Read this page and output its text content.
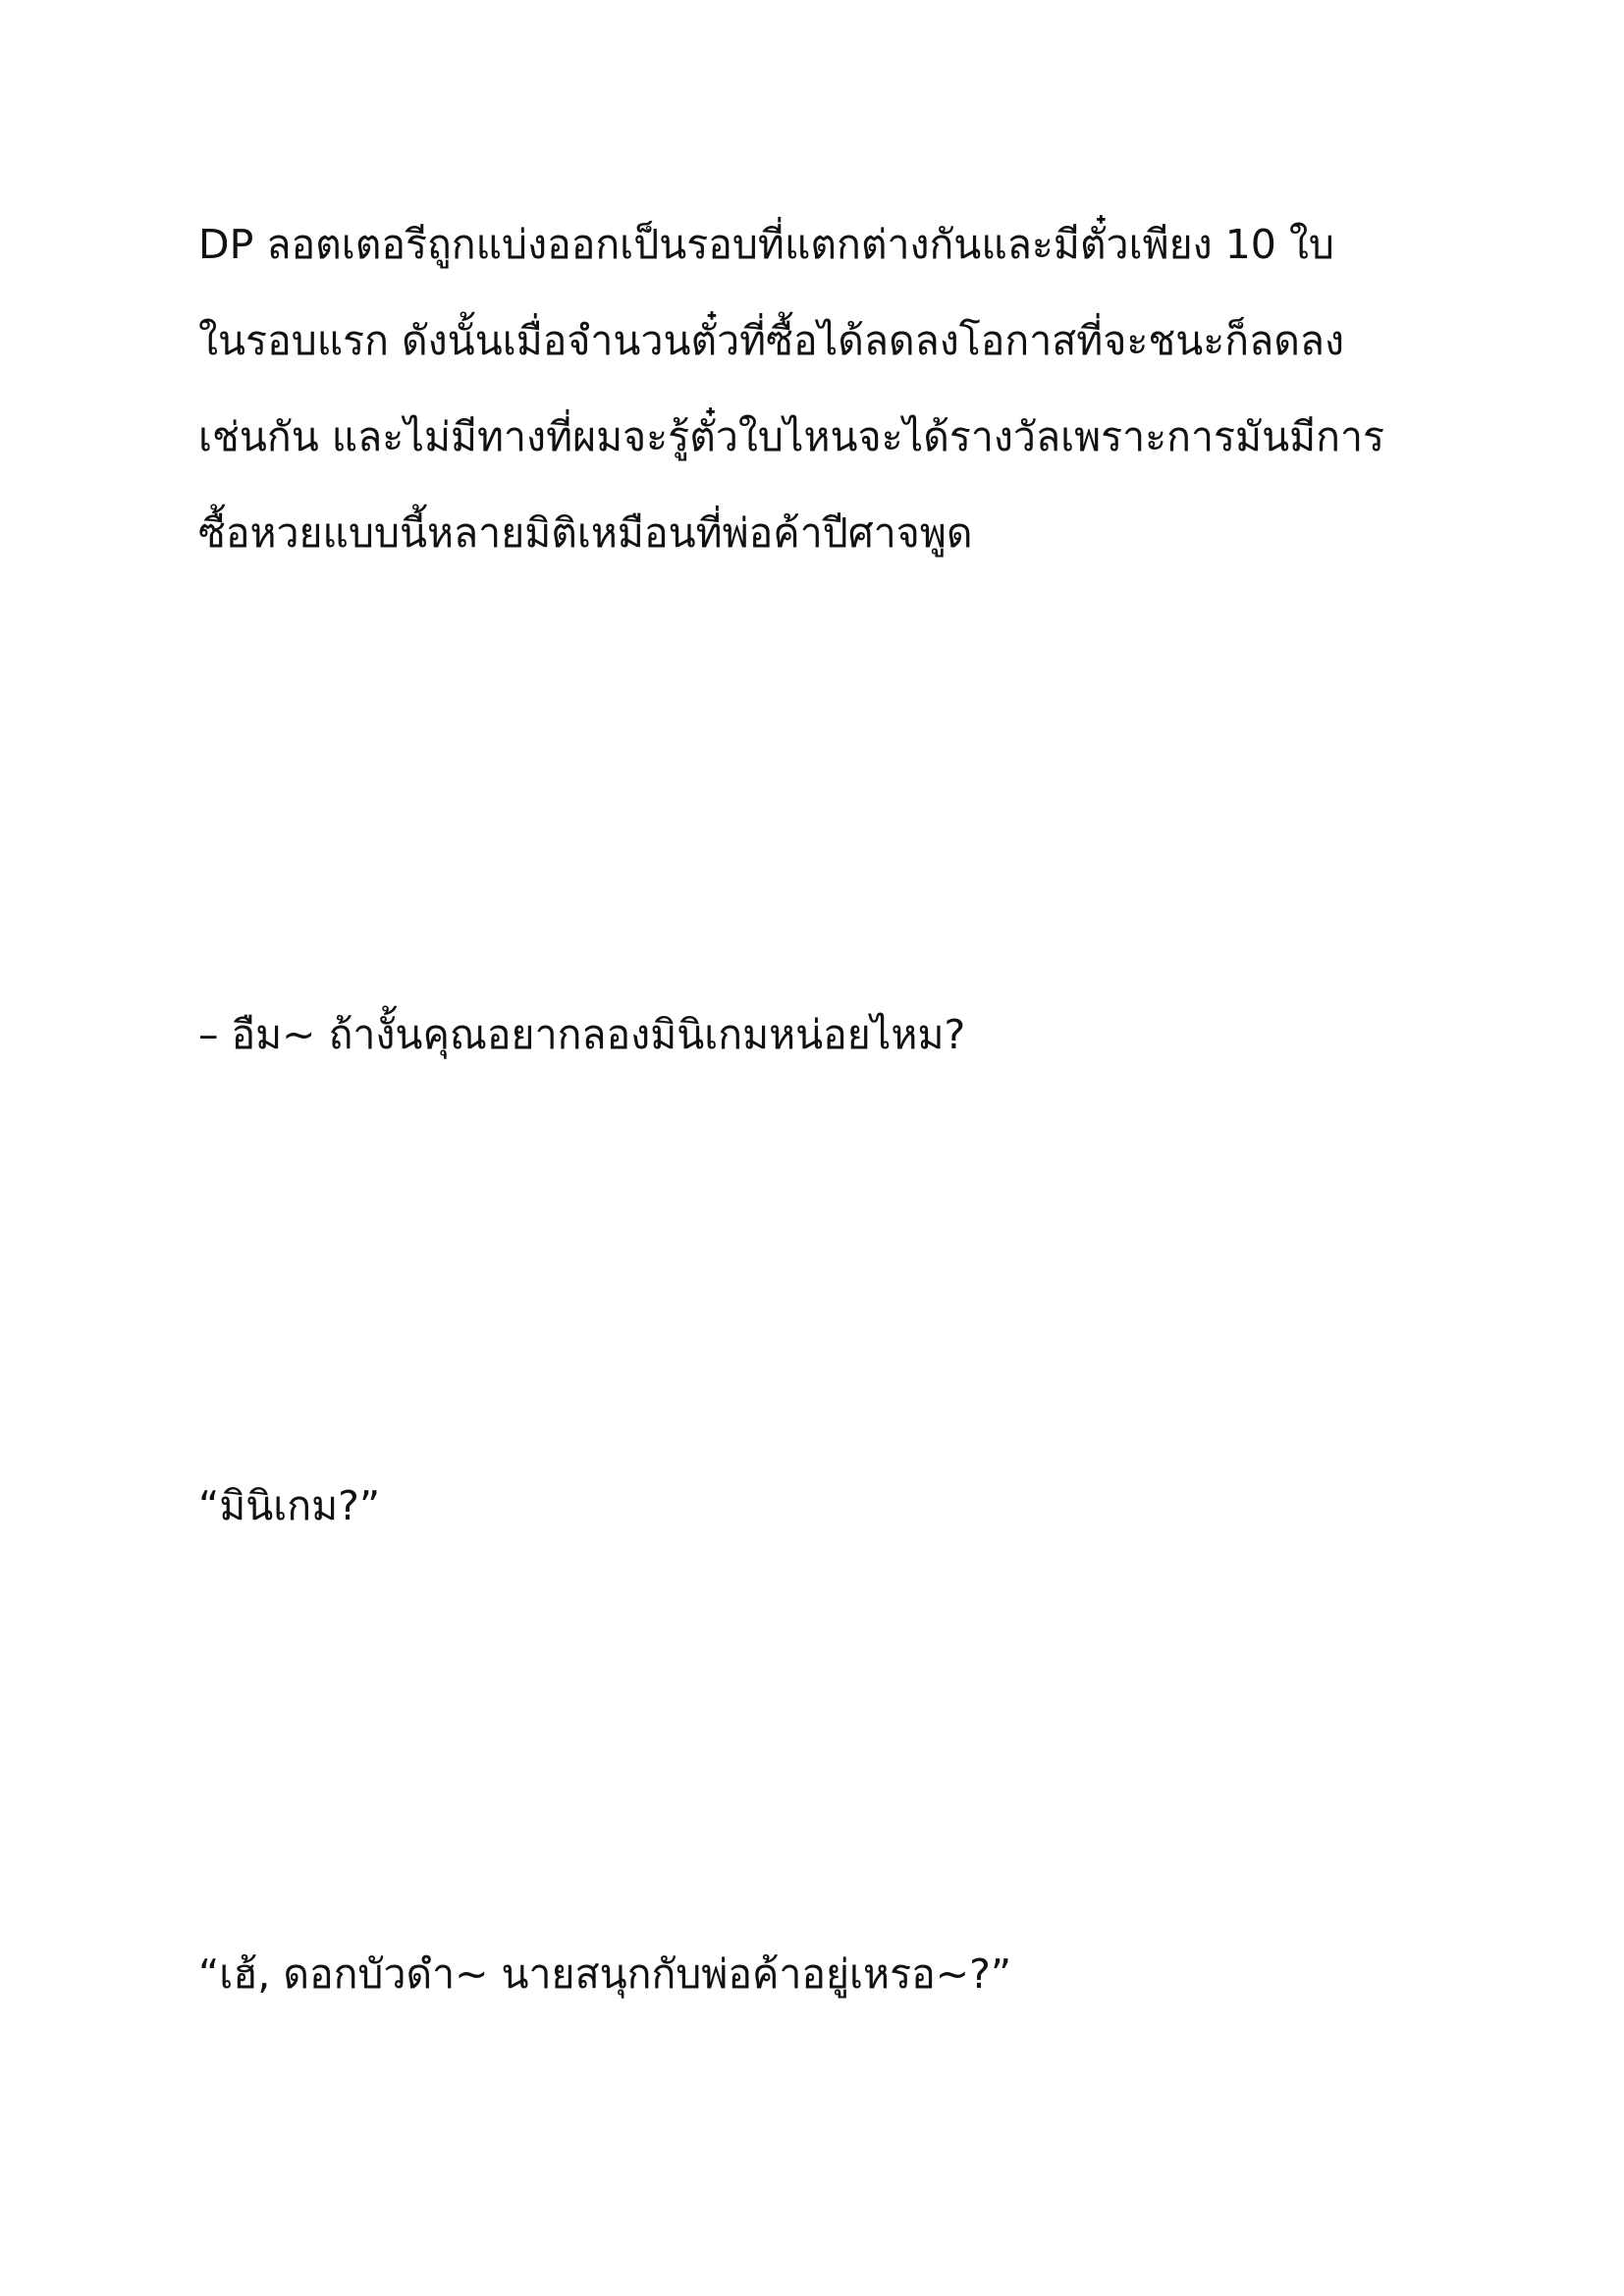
DP ลอตเตอรีถูกแบ่งออกเป็นรอบที่แตกต่างกันและมีตั๋วเพียง 10 ใบ
ในรอบแรก ดังนั้นเมื่อจำนวนตั๋วที่ซื้อได้ลดลงโอกาสที่จะชนะก็ลดลง
เช่นกัน และไม่มีทางที่ผมจะรู้ตั๋วใบไหนจะได้รางวัลเพราะการมันมีการ
ซื้อหวยแบบนี้หลายมิติเหมือนที่พ่อค้าปีศาจพูด

– อืม~ ถ้างั้นคุณอยากลองมินิเกมหน่อยไหม?

“มินิเกม?”

“เฮ้, ดอกบัวดำ~ นายสนุกกับพ่อค้าอยู่เหรอ~?”
